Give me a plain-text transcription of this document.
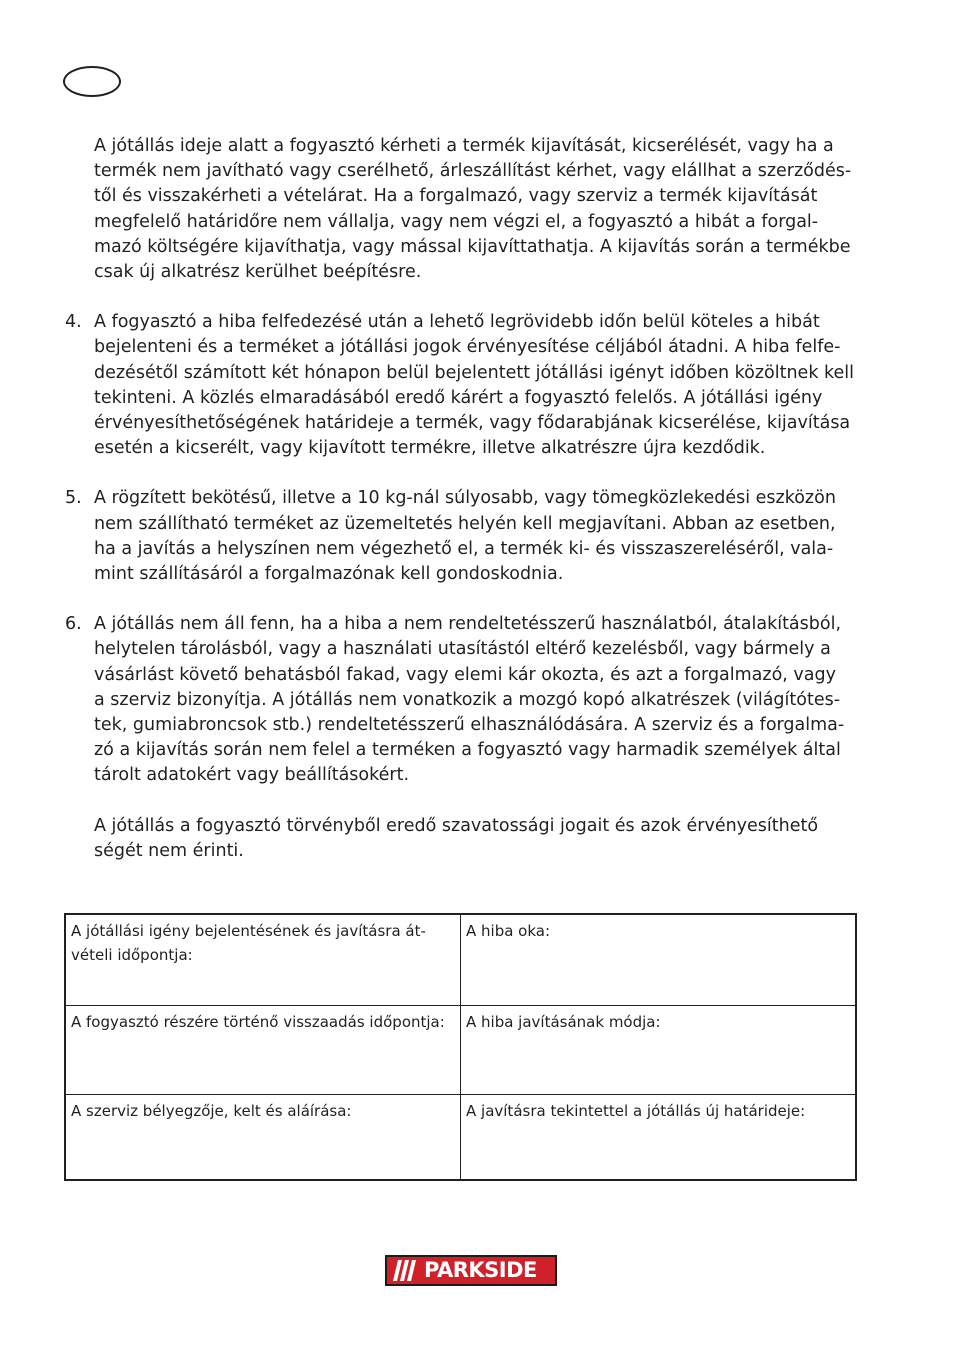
A jótállás ideje alatt a fogyasztó kérheti a termék kijavítását, kicserélését, vagy ha a
termék nem javítható vagy cserélhető, árleszállítást kérhet, vagy elállhat a szerződés-
től és visszakérheti a vételárat. Ha a forgalmazó, vagy szerviz a termék kijavítását
megfelelő határidőre nem vállalja, vagy nem végzi el, a fogyasztó a hibát a forgal-
mazó költségére kijavíthatja, vagy mással kijavíttathatja. A kijavítás során a termékbe
csak új alkatrész kerülhet beépítésre.
4. A fogyasztó a hiba felfedezésé után a lehető legrövidebb időn belül köteles a hibát
bejelenteni és a terméket a jótállási jogok érvényesítése céljából átadni. A hiba felfe-
dezésétől számított két hónapon belül bejelentett jótállási igényt időben közöltnek kell
tekinteni. A közlés elmaradásából eredő kárért a fogyasztó felelős. A jótállási igény
érvényesíthetőségének határideje a termék, vagy fődarabjának kicserélése, kijavítása
esetén a kicserélt, vagy kijavított termékre, illetve alkatrészre újra kezdődik.
5. A rögzített bekötésű, illetve a 10 kg-nál súlyosabb, vagy tömegközlekedési eszközön
nem szállítható terméket az üzemeltetés helyén kell megjavítani. Abban az esetben,
ha a javítás a helyszínen nem végezhető el, a termék ki- és visszaszereléséről, vala-
mint szállításáról a forgalmazónak kell gondoskodnia.
6. A jótállás nem áll fenn, ha a hiba a nem rendeltetésszerű használatból, átalakításból,
helytelen tárolásból, vagy a használati utasítástól eltérő kezelésből, vagy bármely a
vásárlást követő behatásból fakad, vagy elemi kár okozta, és azt a forgalmazó, vagy
a szerviz bizonyítja. A jótállás nem vonatkozik a mozgó kopó alkatrészek (világítótes-
tek, gumiabroncsok stb.) rendeltetésszerű elhasználódására. A szerviz és a forgalma-
zó a kijavítás során nem felel a terméken a fogyasztó vagy harmadik személyek által
tárolt adatokért vagy beállításokért.
A jótállás a fogyasztó törvényből eredő szavatossági jogait és azok érvényesíthető
ségét nem érinti.
A jótállási igény bejelentésének és javításra át-
vételi időpontja:	A hiba oka:
A fogyasztó részére történő visszaadás időpontja:	A hiba javításának módja:
A szerviz bélyegzője, kelt és aláírása:	A javításra tekintettel a jótállás új határideje:
PARKSIDE
